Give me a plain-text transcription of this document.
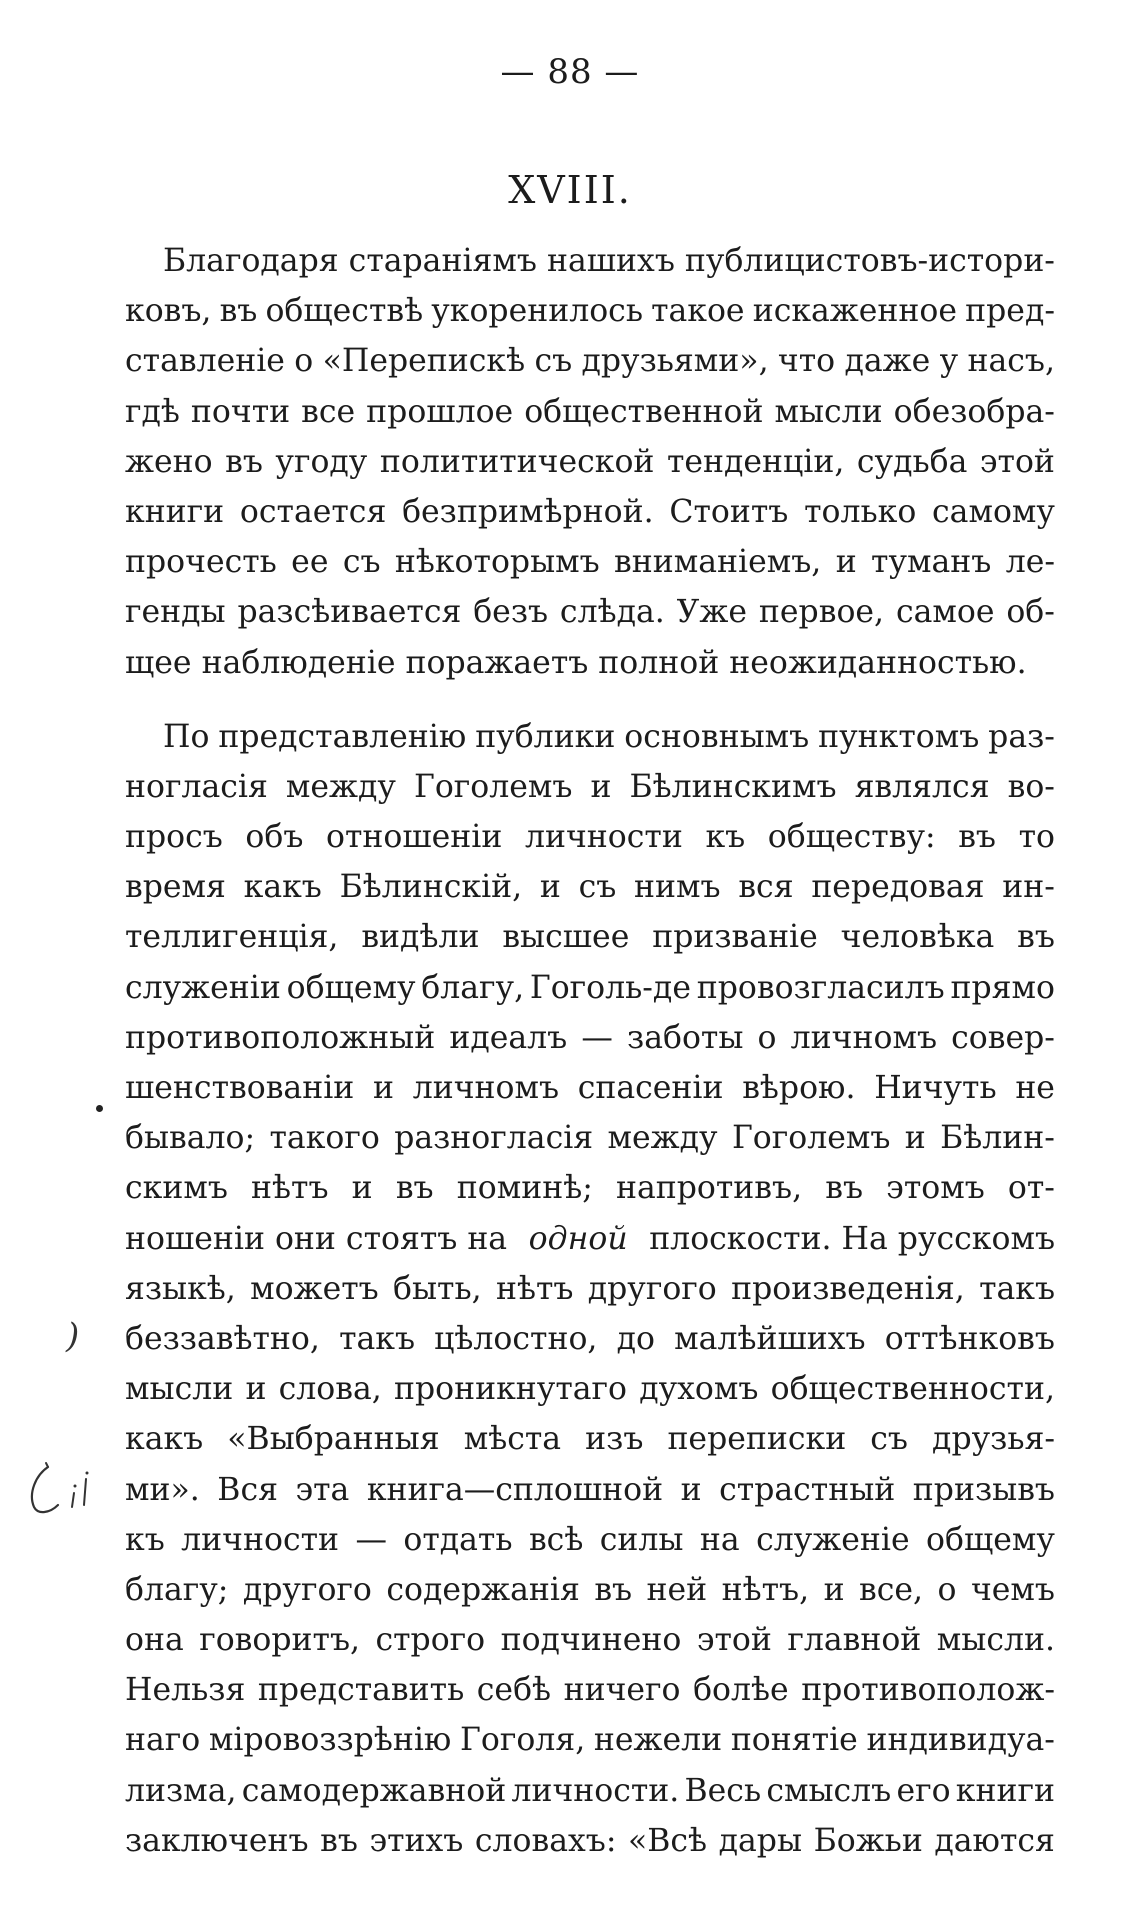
— 88 —
XVIII.
Благодаря стараніямъ нашихъ публицистовъ-истори-
ковъ, въ обществѣ укоренилось такое искаженное пред-
ставленіе о «Перепискѣ съ друзьями», что даже у насъ,
гдѣ почти все прошлое общественной мысли обезобра-
жено въ угоду полититической тенденціи, судьба этой
книги остается безпримѣрной. Стоитъ только самому
прочесть ее съ нѣкоторымъ вниманіемъ, и туманъ ле-
генды разсѣивается безъ слѣда. Уже первое, самое об-
щее наблюденіе поражаетъ полной неожиданностью.
По представленію публики основнымъ пунктомъ раз-
ногласія между Гоголемъ и Бѣлинскимъ являлся во-
просъ объ отношеніи личности къ обществу: въ то
время какъ Бѣлинскій, и съ нимъ вся передовая ин-
теллигенція, видѣли высшее призваніе человѣка въ
служеніи общему благу, Гоголь-де провозгласилъ прямо
противоположный идеалъ — заботы о личномъ совер-
шенствованіи и личномъ спасеніи вѣрою. Ничуть не
бывало; такого разногласія между Гоголемъ и Бѣлин-
скимъ нѣтъ и въ поминѣ; напротивъ, въ этомъ от-
ношеніи они стоятъ на одной плоскости. На русскомъ
языкѣ, можетъ быть, нѣтъ другого произведенія, такъ
беззавѣтно, такъ цѣлостно, до малѣйшихъ оттѣнковъ
мысли и слова, проникнутаго духомъ общественности,
какъ «Выбранныя мѣста изъ переписки съ друзья-
ми». Вся эта книга—сплошной и страстный призывъ
къ личности — отдать всѣ силы на служеніе общему
благу; другого содержанія въ ней нѣтъ, и все, о чемъ
она говоритъ, строго подчинено этой главной мысли.
Нельзя представить себѣ ничего болѣе противополож-
наго міровоззрѣнію Гоголя, нежели понятіе индивидуа-
лизма, самодержавной личности. Весь смыслъ его книги
заключенъ въ этихъ словахъ: «Всѣ дары Божьи даются
)
